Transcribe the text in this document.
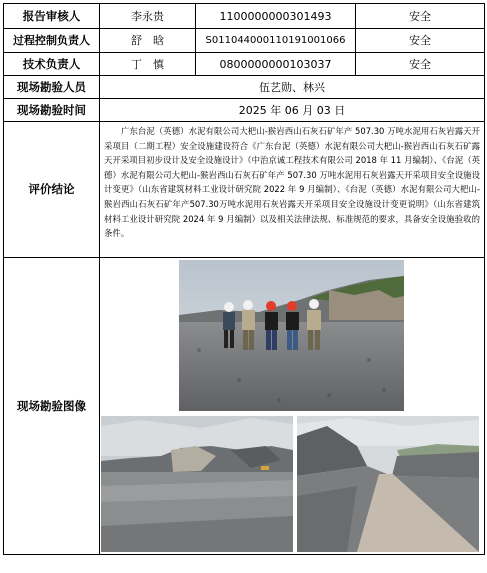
报告审核人	李永贵	1100000000301493	安全
过程控制负责人	舒　晗	S011044000110191001066	安全
技术负责人	丁　慎	0800000000103037	安全
现场勘验人员	伍艺勋、林兴		
现场勘验时间	2025 年 06 月 03 日		
评价结论	广东台泥（英德）水泥有限公司大杷山-猴岩西山石灰石矿年产 507.30 万吨水泥用石灰岩露天开采项目（二期工程）安全设施建设符合《广东台泥（英德）水泥有限公司大杷山-猴岩西山石灰石矿露天开采项目初步设计及安全设施设计》（中治京诚工程技术有限公司 2018 年 11 月编制）、《台泥（英德）水泥有限公司大杷山-猴岩西山石灰石矿年产 507.30 万吨水泥用石灰岩露天开采项目安全设施设计变更》（山东省建筑材料工业设计研究院 2022 年 9 月编制）、《台泥（英德）水泥有限公司大杷山-猴岩西山石灰石矿年产507.30万吨水泥用石灰岩露天开采项目安全设施设计变更说明》（山东省建筑材料工业设计研究院 2024 年 9 月编制）以及相关法律法规、标准规范的要求，具备安全设施验收的条件。		

现场勘验图像	
